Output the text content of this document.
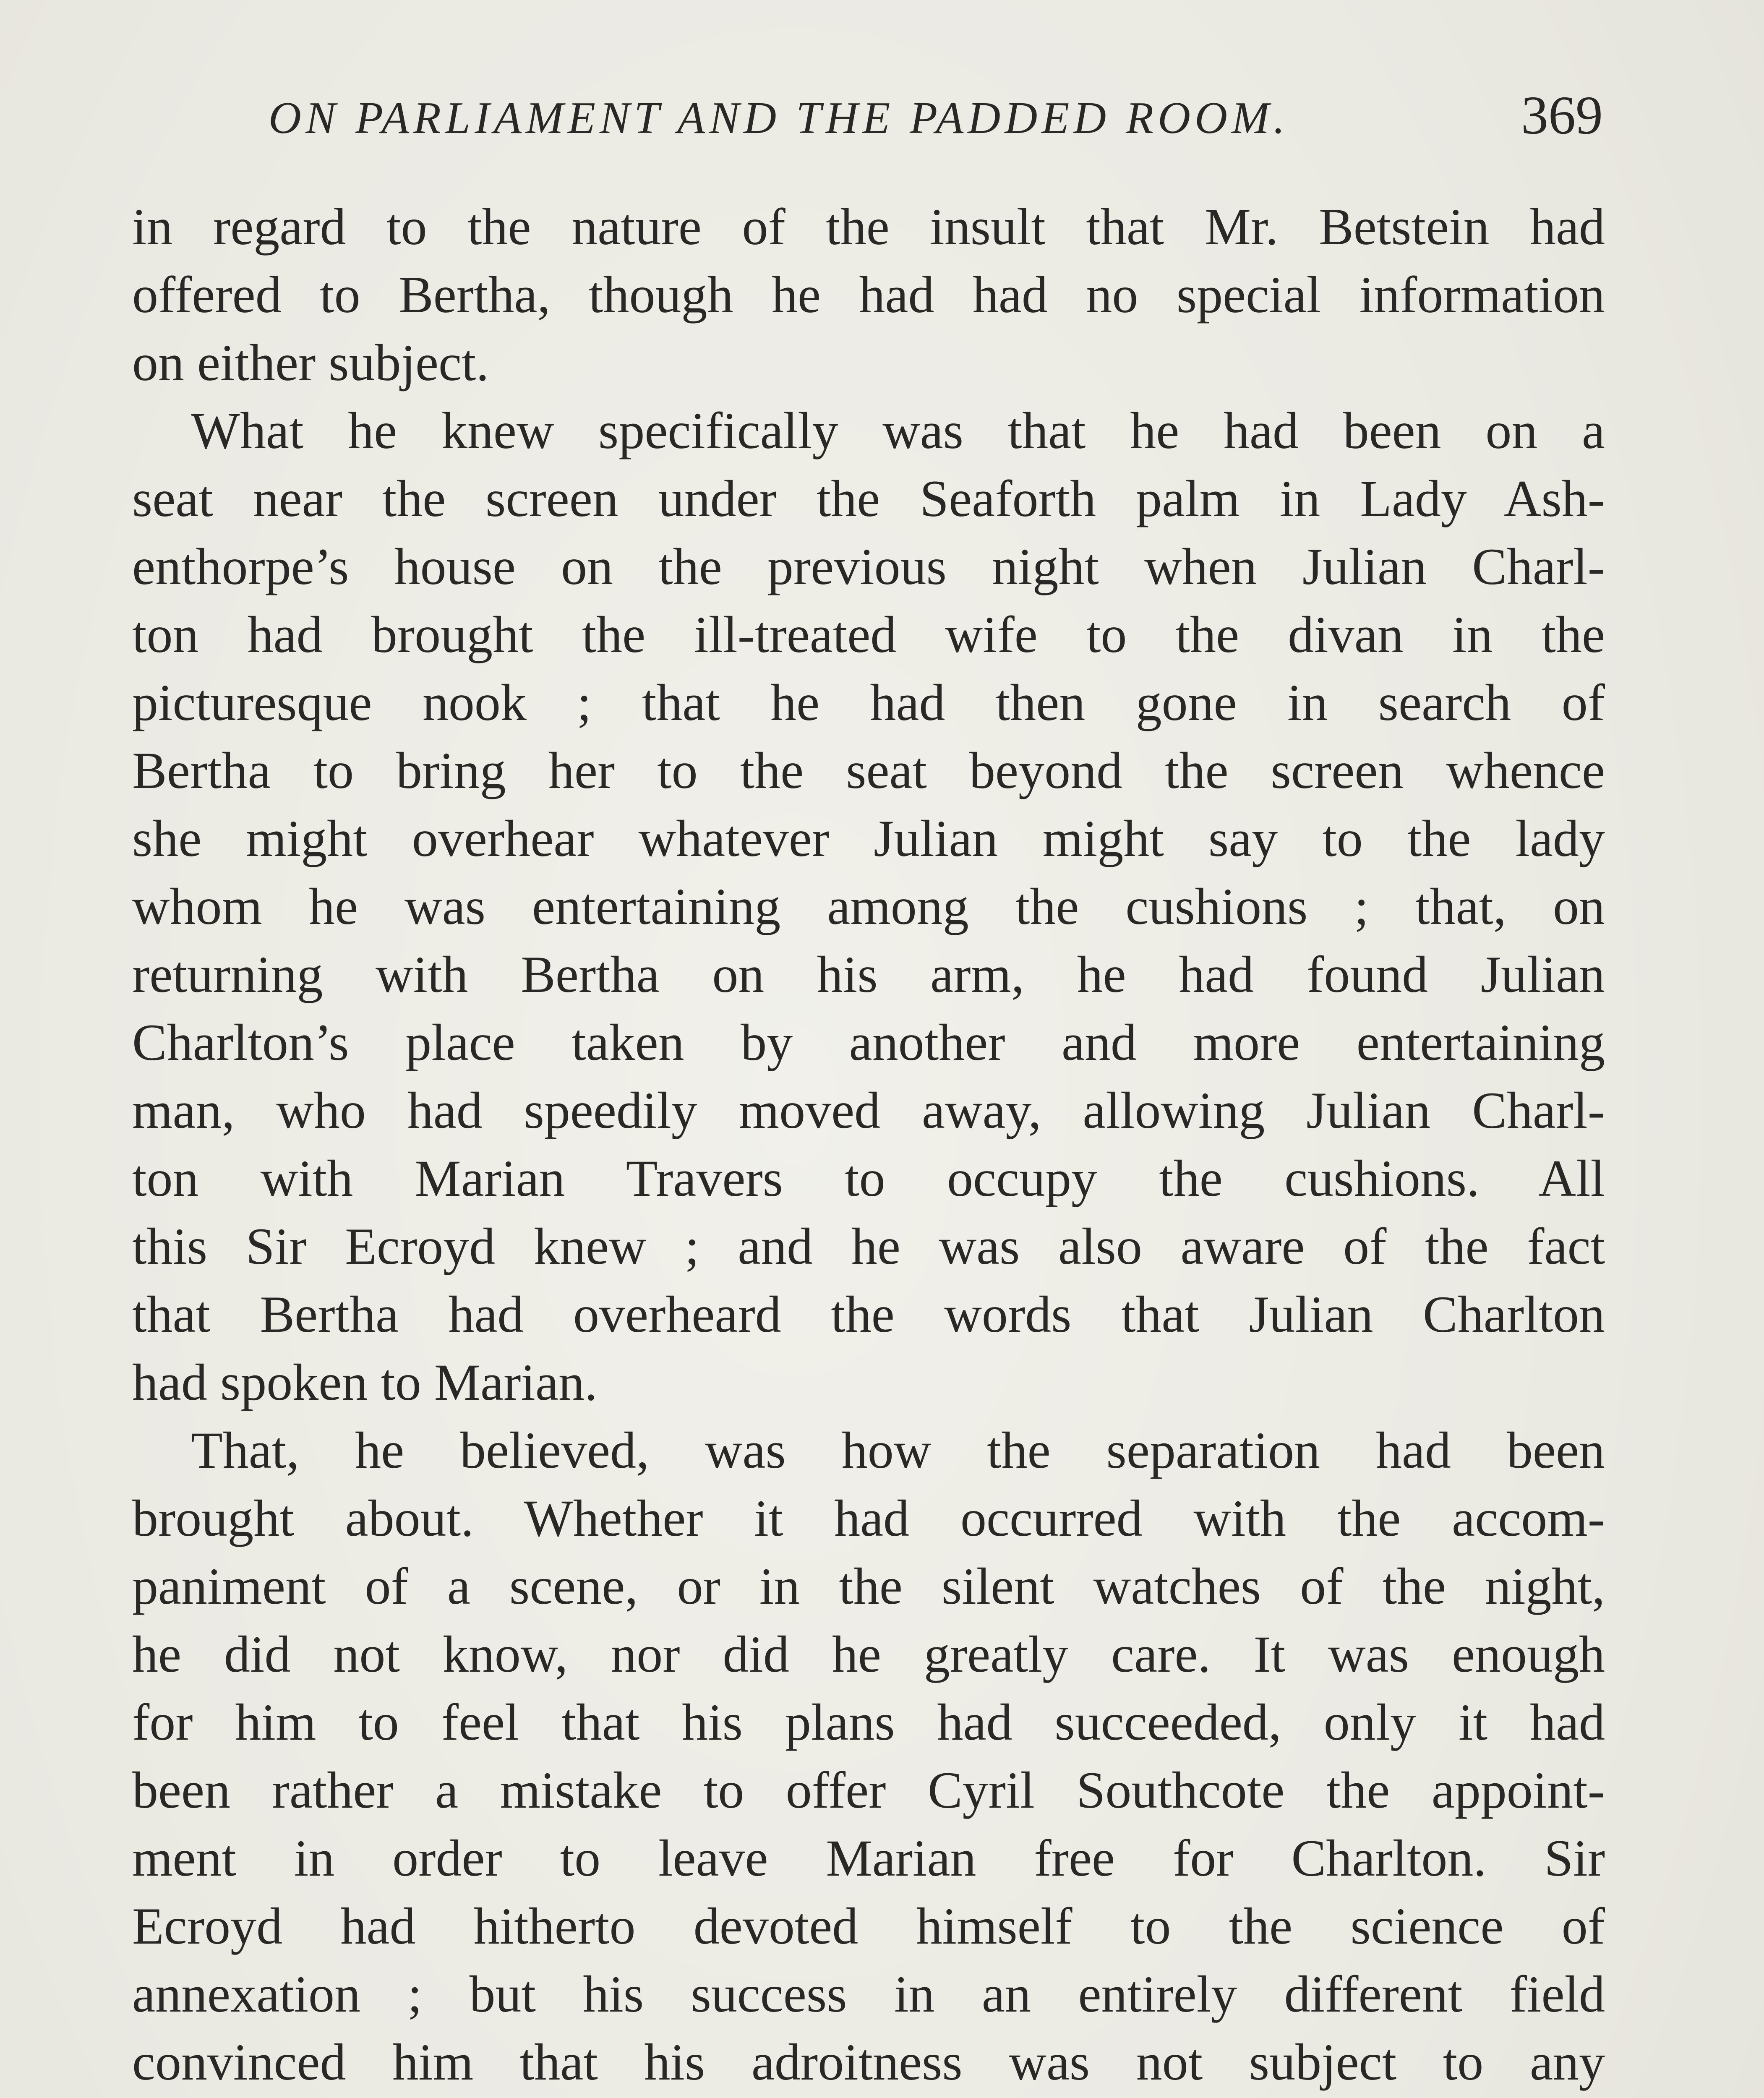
ON PARLIAMENT AND THE PADDED ROOM.	369
in regard to the nature of the insult that Mr. Betstein had
offered to Bertha, though he had had no special information
on either subject.
What he knew specifically was that he had been on a
seat near the screen under the Seaforth palm in Lady Ash-
enthorpe’s house on the previous night when Julian Charl-
ton had brought the ill-treated wife to the divan in the
picturesque nook ; that he had then gone in search of
Bertha to bring her to the seat beyond the screen whence
she might overhear whatever Julian might say to the lady
whom he was entertaining among the cushions ; that, on
returning with Bertha on his arm, he had found Julian
Charlton’s place taken by another and more entertaining
man, who had speedily moved away, allowing Julian Charl-
ton with Marian Travers to occupy the cushions. All
this Sir Ecroyd knew ; and he was also aware of the fact
that Bertha had overheard the words that Julian Charlton
had spoken to Marian.
That, he believed, was how the separation had been
brought about. Whether it had occurred with the accom-
paniment of a scene, or in the silent watches of the night,
he did not know, nor did he greatly care. It was enough
for him to feel that his plans had succeeded, only it had
been rather a mistake to offer Cyril Southcote the appoint-
ment in order to leave Marian free for Charlton. Sir
Ecroyd had hitherto devoted himself to the science of
annexation ; but his success in an entirely different field
convinced him that his adroitness was not subject to any
